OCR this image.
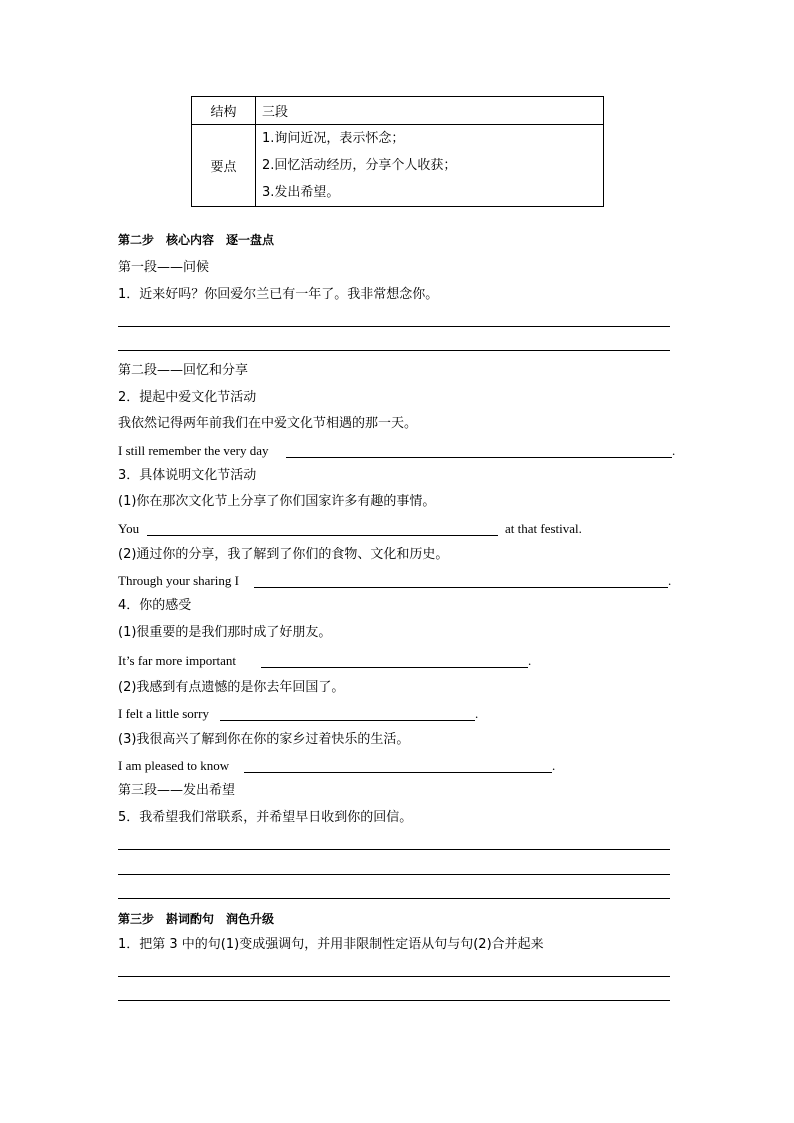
结构	三段
要点	1.询问近况，表示怀念；
2.回忆活动经历，分享个人收获；
3.发出希望。
第二步　核心内容　逐一盘点
第一段——问候
1．近来好吗？你回爱尔兰已有一年了。我非常想念你。
第二段——回忆和分享
2．提起中爱文化节活动
我依然记得两年前我们在中爱文化节相遇的那一天。
I still remember the very day	.
3．具体说明文化节活动
(1)你在那次文化节上分享了你们国家许多有趣的事情。
You	at that festival.
(2)通过你的分享，我了解到了你们的食物、文化和历史。
Through your sharing I	.
4．你的感受
(1)很重要的是我们那时成了好朋友。
It’s far more important	.
(2)我感到有点遗憾的是你去年回国了。
I felt a little sorry	.
(3)我很高兴了解到你在你的家乡过着快乐的生活。
I am pleased to know	.
第三段——发出希望
5．我希望我们常联系，并希望早日收到你的回信。
第三步　斟词酌句　润色升级
1．把第 3 中的句(1)变成强调句，并用非限制性定语从句与句(2)合并起来
